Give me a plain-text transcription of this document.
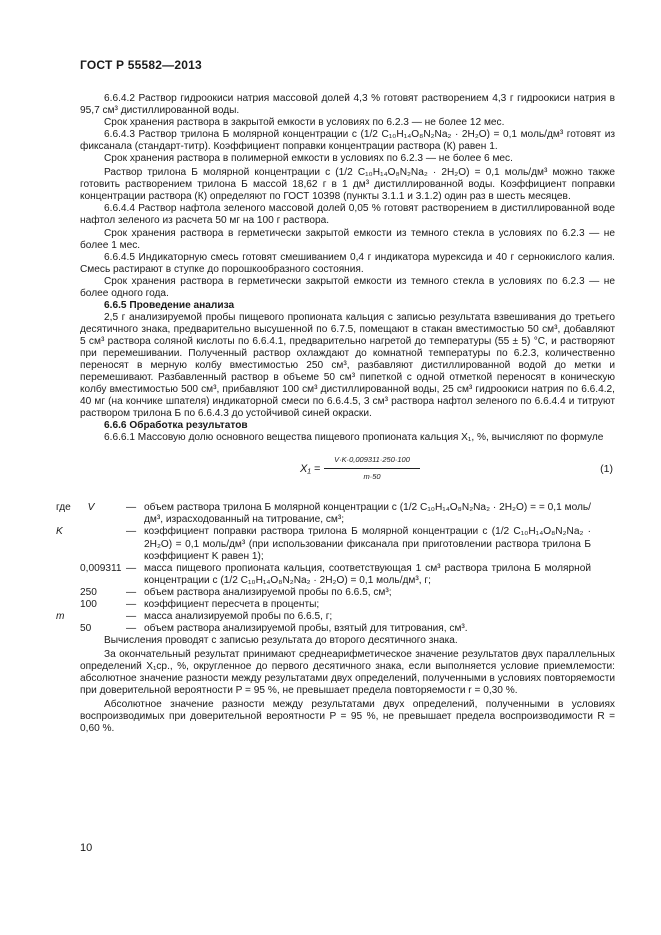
ГОСТ Р 55582—2013

6.6.4.2 Раствор гидроокиси натрия массовой долей 4,3 % готовят растворением 4,3 г гидроокиси натрия в 95,7 см³ дистиллированной воды.

Срок хранения раствора в закрытой емкости в условиях по 6.2.3 — не более 12 мес.

6.6.4.3 Раствор трилона Б молярной концентрации c (1/2 C₁₀H₁₄O₈N₂Na₂ · 2H₂O) = 0,1 моль/дм³ готовят из фиксанала (стандарт-титр). Коэффициент поправки концентрации раствора (К) равен 1.

Срок хранения раствора в полимерной емкости в условиях по 6.2.3 — не более 6 мес.

Раствор трилона Б молярной концентрации c (1/2 C₁₀H₁₄O₈N₂Na₂ · 2H₂O) = 0,1 моль/дм³ можно также готовить растворением трилона Б массой 18,62 г в 1 дм³ дистиллированной воды. Коэффициент поправки концентрации раствора (К) определяют по ГОСТ 10398 (пункты 3.1.1 и 3.1.2) один раз в шесть месяцев.

6.6.4.4 Раствор нафтола зеленого массовой долей 0,05 % готовят растворением в дистиллированной воде нафтол зеленого из расчета 50 мг на 100 г раствора.

Срок хранения раствора в герметически закрытой емкости из темного стекла в условиях по 6.2.3 — не более 1 мес.

6.6.4.5 Индикаторную смесь готовят смешиванием 0,4 г индикатора мурексида и 40 г сернокислого калия. Смесь растирают в ступке до порошкообразного состояния.

Срок хранения раствора в герметически закрытой емкости из темного стекла в условиях по 6.2.3 — не более одного года.

6.6.5 Проведение анализа

2,5 г анализируемой пробы пищевого пропионата кальция с записью результата взвешивания до третьего десятичного знака, предварительно высушенной по 6.7.5, помещают в стакан вместимостью 50 см³, добавляют 5 см³ раствора соляной кислоты по 6.6.4.1, предварительно нагретой до температуры (55 ± 5) °С, и растворяют при перемешивании. Полученный раствор охлаждают до комнатной температуры по 6.2.3, количественно переносят в мерную колбу вместимостью 250 см³, разбавляют дистиллированной водой до метки и перемешивают. Разбавленный раствор в объеме 50 см³ пипеткой с одной отметкой переносят в коническую колбу вместимостью 500 см³, прибавляют 100 см³ дистиллированной воды, 25 см³ гидроокиси натрия по 6.6.4.2, 40 мг (на кончике шпателя) индикаторной смеси по 6.6.4.5, 3 см³ раствора нафтол зеленого по 6.6.4.4 и титруют раствором трилона Б по 6.6.4.3 до устойчивой синей окраски.

6.6.6 Обработка результатов

6.6.6.1 Массовую долю основного вещества пищевого пропионата кальция X₁, %, вычисляют по формуле

$X_1 = \frac{V\cdot K\cdot 0,009311\cdot 250\cdot 100}{m\cdot 50}$	(1)
где V	—	объем раствора трилона Б молярной концентрации c (1/2 C₁₀H₁₄O₈N₂Na₂ · 2H₂O) = = 0,1 моль/дм³, израсходованный на титрование, см³;
K	—	коэффициент поправки раствора трилона Б молярной концентрации c (1/2 C₁₀H₁₄O₈N₂Na₂ · 2H₂O) = 0,1 моль/дм³ (при использовании фиксанала при приготовлении раствора трилона Б коэффициент K равен 1);
0,009311	—	масса пищевого пропионата кальция, соответствующая 1 см³ раствора трилона Б молярной концентрации c (1/2 C₁₀H₁₄O₈N₂Na₂ · 2H₂O) = 0,1 моль/дм³, г;
250	—	объем раствора анализируемой пробы по 6.6.5, см³;
100	—	коэффициент пересчета в проценты;
m	—	масса анализируемой пробы по 6.6.5, г;
50	—	объем раствора анализируемой пробы, взятый для титрования, см³.

Вычисления проводят с записью результата до второго десятичного знака.

За окончательный результат принимают среднеарифметическое значение результатов двух параллельных определений X₁ср., %, округленное до первого десятичного знака, если выполняется условие приемлемости: абсолютное значение разности между результатами двух определений, полученными в условиях повторяемости при доверительной вероятности P = 95 %, не превышает предела повторяемости r = 0,30 %.

Абсолютное значение разности между результатами двух определений, полученными в условиях воспроизводимых при доверительной вероятности P = 95 %, не превышает предела воспроизводимости R = 0,60 %.

10
